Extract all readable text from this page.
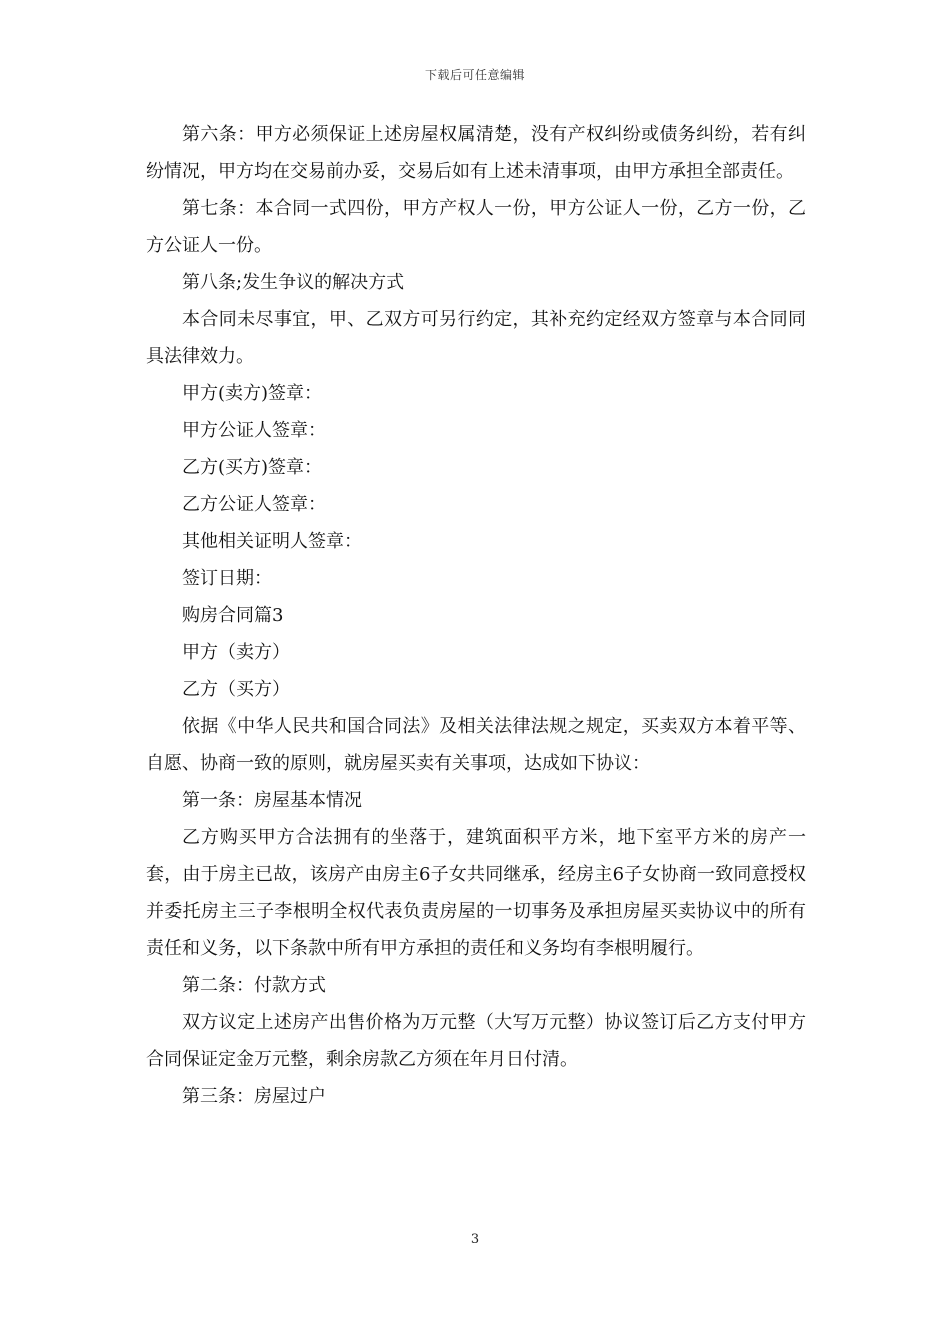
下载后可任意编辑

第六条：甲方必须保证上述房屋权属清楚，没有产权纠纷或债务纠纷，若有纠纷情况，甲方均在交易前办妥，交易后如有上述未清事项，由甲方承担全部责任。

第七条：本合同一式四份，甲方产权人一份，甲方公证人一份，乙方一份，乙方公证人一份。

第八条;发生争议的解决方式

本合同未尽事宜，甲、乙双方可另行约定，其补充约定经双方签章与本合同同具法律效力。

甲方(卖方)签章：

甲方公证人签章：

乙方(买方)签章：

乙方公证人签章：

其他相关证明人签章：

签订日期：

购房合同篇3

甲方（卖方）

乙方（买方）

依据《中华人民共和国合同法》及相关法律法规之规定，买卖双方本着平等、自愿、协商一致的原则，就房屋买卖有关事项，达成如下协议：

第一条：房屋基本情况

乙方购买甲方合法拥有的坐落于，建筑面积平方米，地下室平方米的房产一套，由于房主已故，该房产由房主6子女共同继承，经房主6子女协商一致同意授权并委托房主三子李根明全权代表负责房屋的一切事务及承担房屋买卖协议中的所有责任和义务，以下条款中所有甲方承担的责任和义务均有李根明履行。

第二条：付款方式

双方议定上述房产出售价格为万元整（大写万元整）协议签订后乙方支付甲方合同保证定金万元整，剩余房款乙方须在年月日付清。

第三条：房屋过户

3
